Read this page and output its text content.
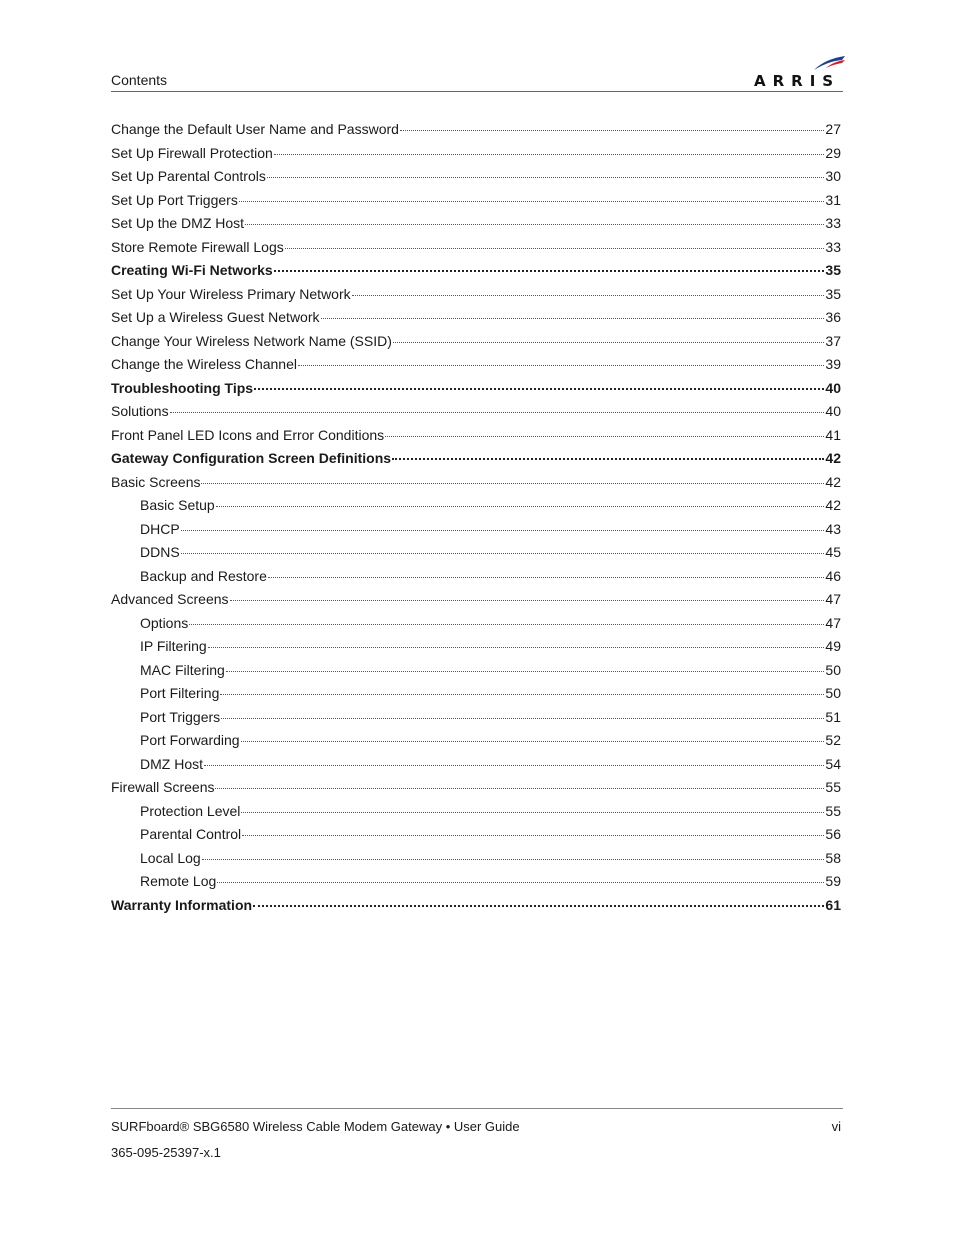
Contents	ARRIS
Change the Default User Name and Password	27
Set Up Firewall Protection	29
Set Up Parental Controls	30
Set Up Port Triggers	31
Set Up the DMZ Host	33
Store Remote Firewall Logs	33
Creating Wi-Fi Networks	35
Set Up Your Wireless Primary Network	35
Set Up a Wireless Guest Network	36
Change Your Wireless Network Name (SSID)	37
Change the Wireless Channel	39
Troubleshooting Tips	40
Solutions	40
Front Panel LED Icons and Error Conditions	41
Gateway Configuration Screen Definitions	42
Basic Screens	42
Basic Setup	42
DHCP	43
DDNS	45
Backup and Restore	46
Advanced Screens	47
Options	47
IP Filtering	49
MAC Filtering	50
Port Filtering	50
Port Triggers	51
Port Forwarding	52
DMZ Host	54
Firewall Screens	55
Protection Level	55
Parental Control	56
Local Log	58
Remote Log	59
Warranty Information	61
SURFboard® SBG6580 Wireless Cable Modem Gateway • User Guide	vi
365-095-25397-x.1
